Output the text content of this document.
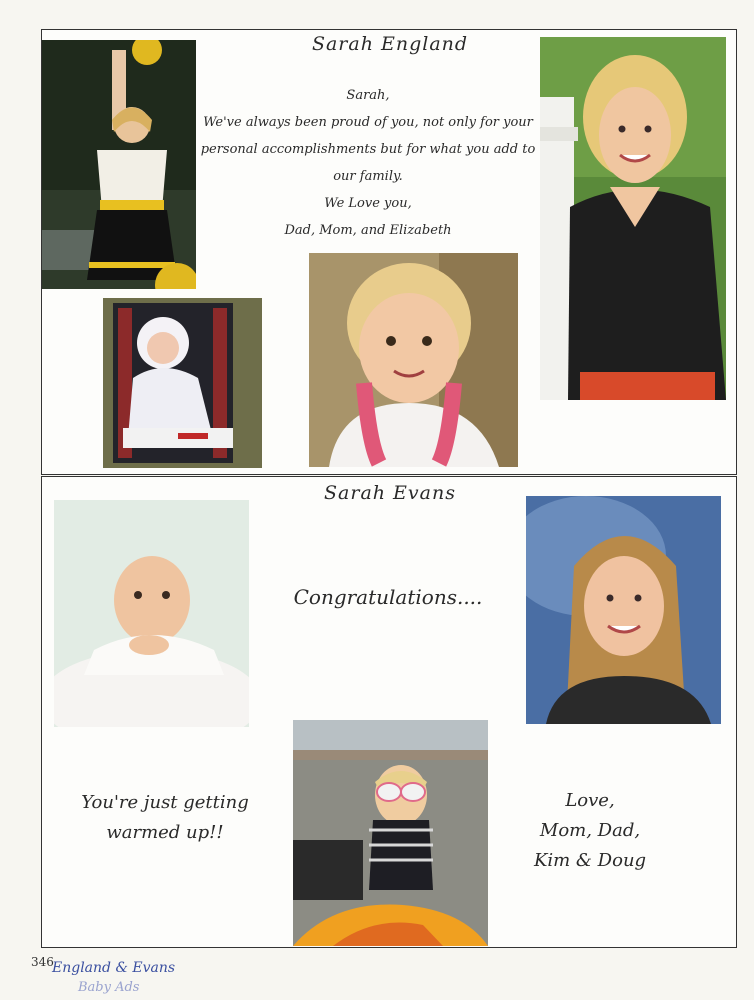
Sarah England
Sarah,
We've always been proud of you, not only for your
personal accomplishments but for what you add to
our family.
We Love you,
Dad, Mom, and Elizabeth
Sarah Evans
Congratulations....
You're just getting
warmed up!!
Love,
Mom, Dad,
Kim & Doug
346
England & Evans
Baby Ads
